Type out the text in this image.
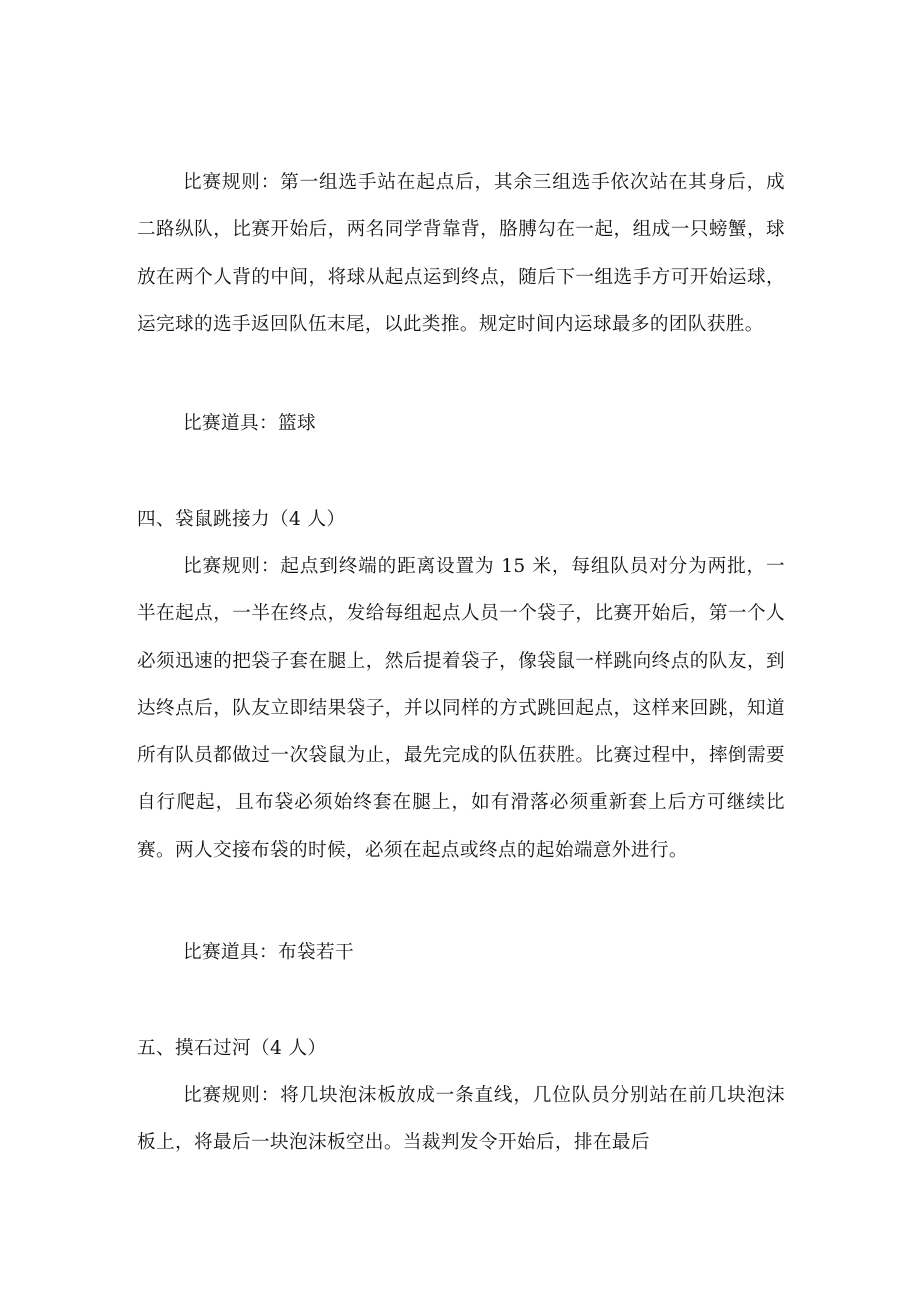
比赛规则：第一组选手站在起点后，其余三组选手依次站在其身后，成二路纵队，比赛开始后，两名同学背靠背，胳膊勾在一起，组成一只螃蟹，球放在两个人背的中间，将球从起点运到终点，随后下一组选手方可开始运球，运完球的选手返回队伍末尾，以此类推。规定时间内运球最多的团队获胜。

比赛道具：篮球

四、袋鼠跳接力（4 人）

比赛规则：起点到终端的距离设置为 15 米，每组队员对分为两批，一半在起点，一半在终点，发给每组起点人员一个袋子，比赛开始后，第一个人必须迅速的把袋子套在腿上，然后提着袋子，像袋鼠一样跳向终点的队友，到达终点后，队友立即结果袋子，并以同样的方式跳回起点，这样来回跳，知道所有队员都做过一次袋鼠为止，最先完成的队伍获胜。比赛过程中，摔倒需要自行爬起，且布袋必须始终套在腿上，如有滑落必须重新套上后方可继续比赛。两人交接布袋的时候，必须在起点或终点的起始端意外进行。

比赛道具：布袋若干

五、摸石过河（4 人）

比赛规则：将几块泡沫板放成一条直线，几位队员分别站在前几块泡沫板上，将最后一块泡沫板空出。当裁判发令开始后，排在最后
